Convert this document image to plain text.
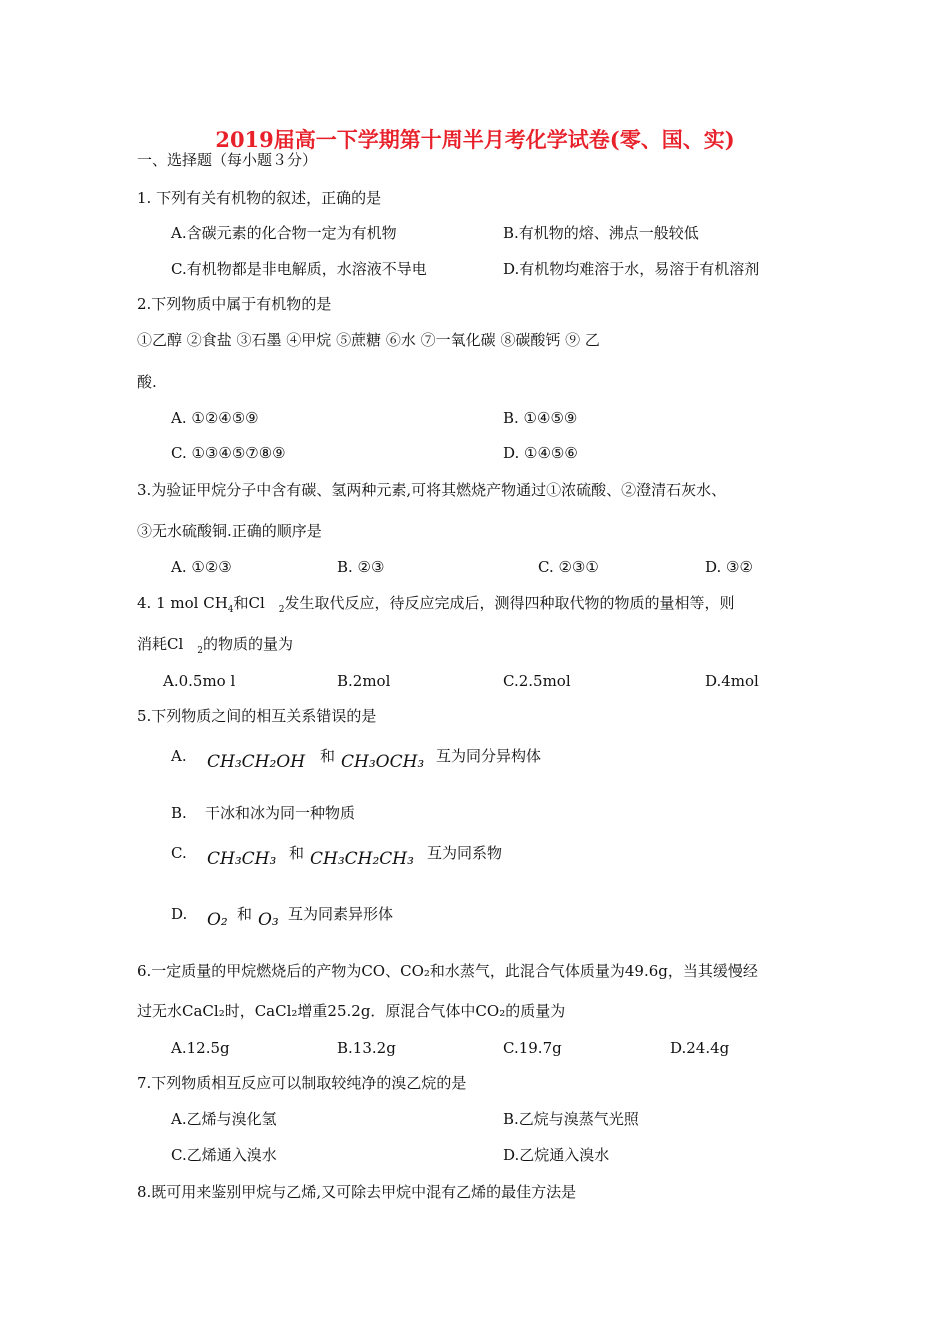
2019届高一下学期第十周半月考化学试卷(零、国、实)
一、选择题（每小题３分）
1. 下列有关有机物的叙述，正确的是
A.含碳元素的化合物一定为有机物	B.有机物的熔、沸点一般较低
C.有机物都是非电解质，水溶液不导电	D.有机物均难溶于水，易溶于有机溶剂
2.下列物质中属于有机物的是
①乙醇 ②食盐 ③石墨 ④甲烷 ⑤蔗糖 ⑥水 ⑦一氧化碳 ⑧碳酸钙 ⑨ 乙
酸.
A. ①②④⑤⑨	B. ①④⑤⑨
C. ①③④⑤⑦⑧⑨	D. ①④⑤⑥
3.为验证甲烷分子中含有碳、氢两种元素,可将其燃烧产物通过①浓硫酸、②澄清石灰水、
③无水硫酸铜.正确的顺序是
A. ①②③	B. ②③	C. ②③①	D. ③②
4. 1 mol $CH_4$和Cl $_2$发生取代反应，待反应完成后，测得四种取代物的物质的量相等，则
消耗Cl $_2$的物质的量为
A.0.5mo l	B.2mol	C.2.5mol	D.4mol
5.下列物质之间的相互关系错误的是
A. CH₃CH₂OH 和 CH₃OCH₃ 互为同分异构体
B. 干冰和冰为同一种物质
C. CH₃CH₃ 和 CH₃CH₂CH₃ 互为同系物
D. O₂ 和 O₃ 互为同素异形体
6.一定质量的甲烷燃烧后的产物为CO、CO₂和水蒸气，此混合气体质量为49.6g，当其缓慢经
过无水CaCl₂时，CaCl₂增重25.2g．原混合气体中CO₂的质量为
A.12.5g	B.13.2g	C.19.7g	D.24.4g
7.下列物质相互反应可以制取较纯净的溴乙烷的是
A.乙烯与溴化氢	B.乙烷与溴蒸气光照
C.乙烯通入溴水	D.乙烷通入溴水
8.既可用来鉴别甲烷与乙烯,又可除去甲烷中混有乙烯的最佳方法是
